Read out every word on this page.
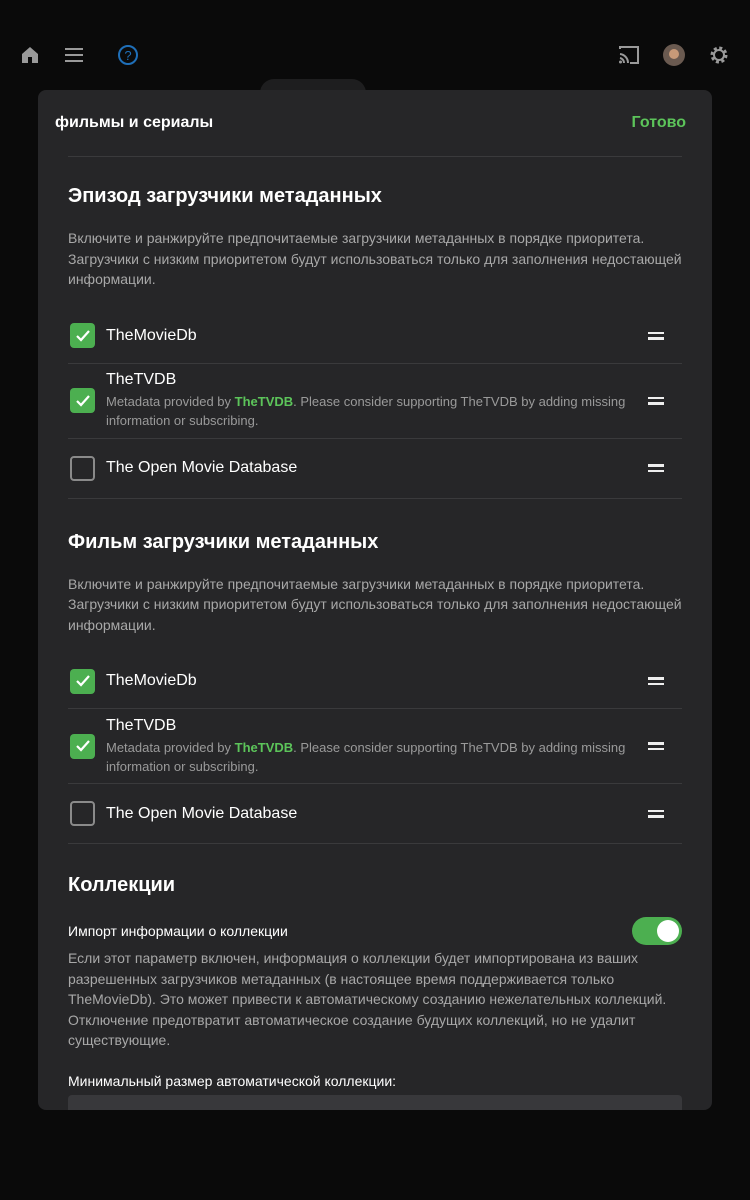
?
фильмы и сериалы	Готово
Эпизод загрузчики метаданных
Включите и ранжируйте предпочитаемые загрузчики метаданных в порядке приоритета. Загрузчики с низким приоритетом будут использоваться только для заполнения недостающей информации.
TheMovieDb
TheTVDB
Metadata provided by TheTVDB. Please consider supporting TheTVDB by adding missing information or subscribing.
The Open Movie Database
Фильм загрузчики метаданных
Включите и ранжируйте предпочитаемые загрузчики метаданных в порядке приоритета. Загрузчики с низким приоритетом будут использоваться только для заполнения недостающей информации.
TheMovieDb
TheTVDB
Metadata provided by TheTVDB. Please consider supporting TheTVDB by adding missing information or subscribing.
The Open Movie Database
Коллекции
Импорт информации о коллекции
Если этот параметр включен, информация о коллекции будет импортирована из ваших разрешенных загрузчиков метаданных (в настоящее время поддерживается только TheMovieDb). Это может привести к автоматическому созданию нежелательных коллекций. Отключение предотвратит автоматическое создание будущих коллекций, но не удалит существующие.
Минимальный размер автоматической коллекции:
